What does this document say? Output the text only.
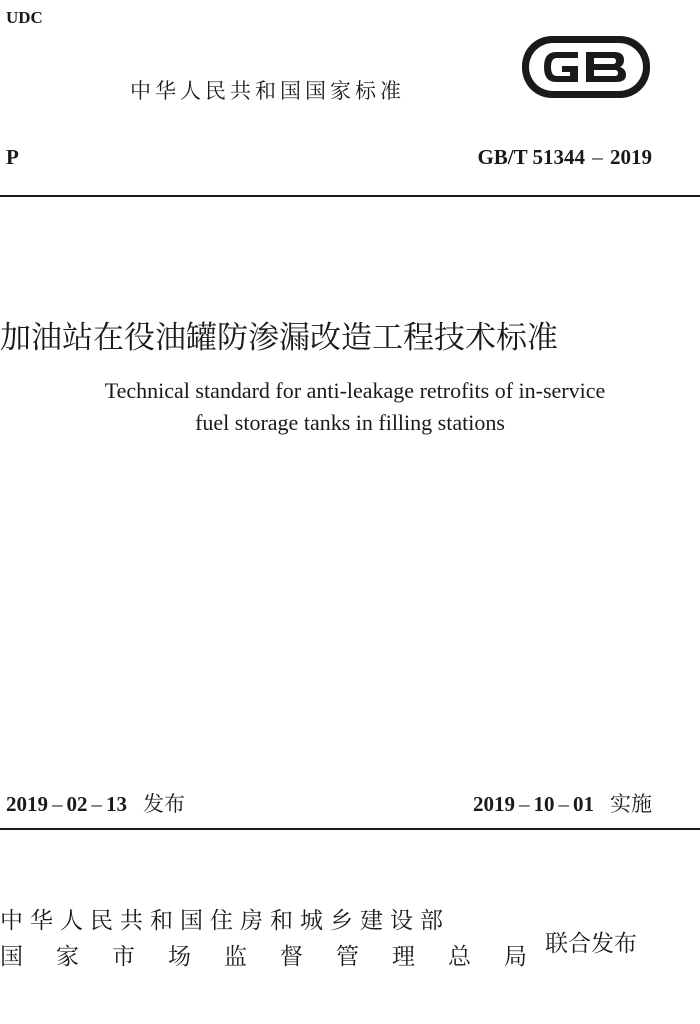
UDC
中华人民共和国国家标准
P	GB/T 51344 – 2019
加油站在役油罐防渗漏改造工程技术标准
Technical standard for anti-leakage retrofits of in-service
fuel storage tanks in filling stations
2019 – 02 – 13 发布	2019 – 10 – 01 实施
中华人民共和国住房和城乡建设部
国家市场监督管理总局
联合发布
